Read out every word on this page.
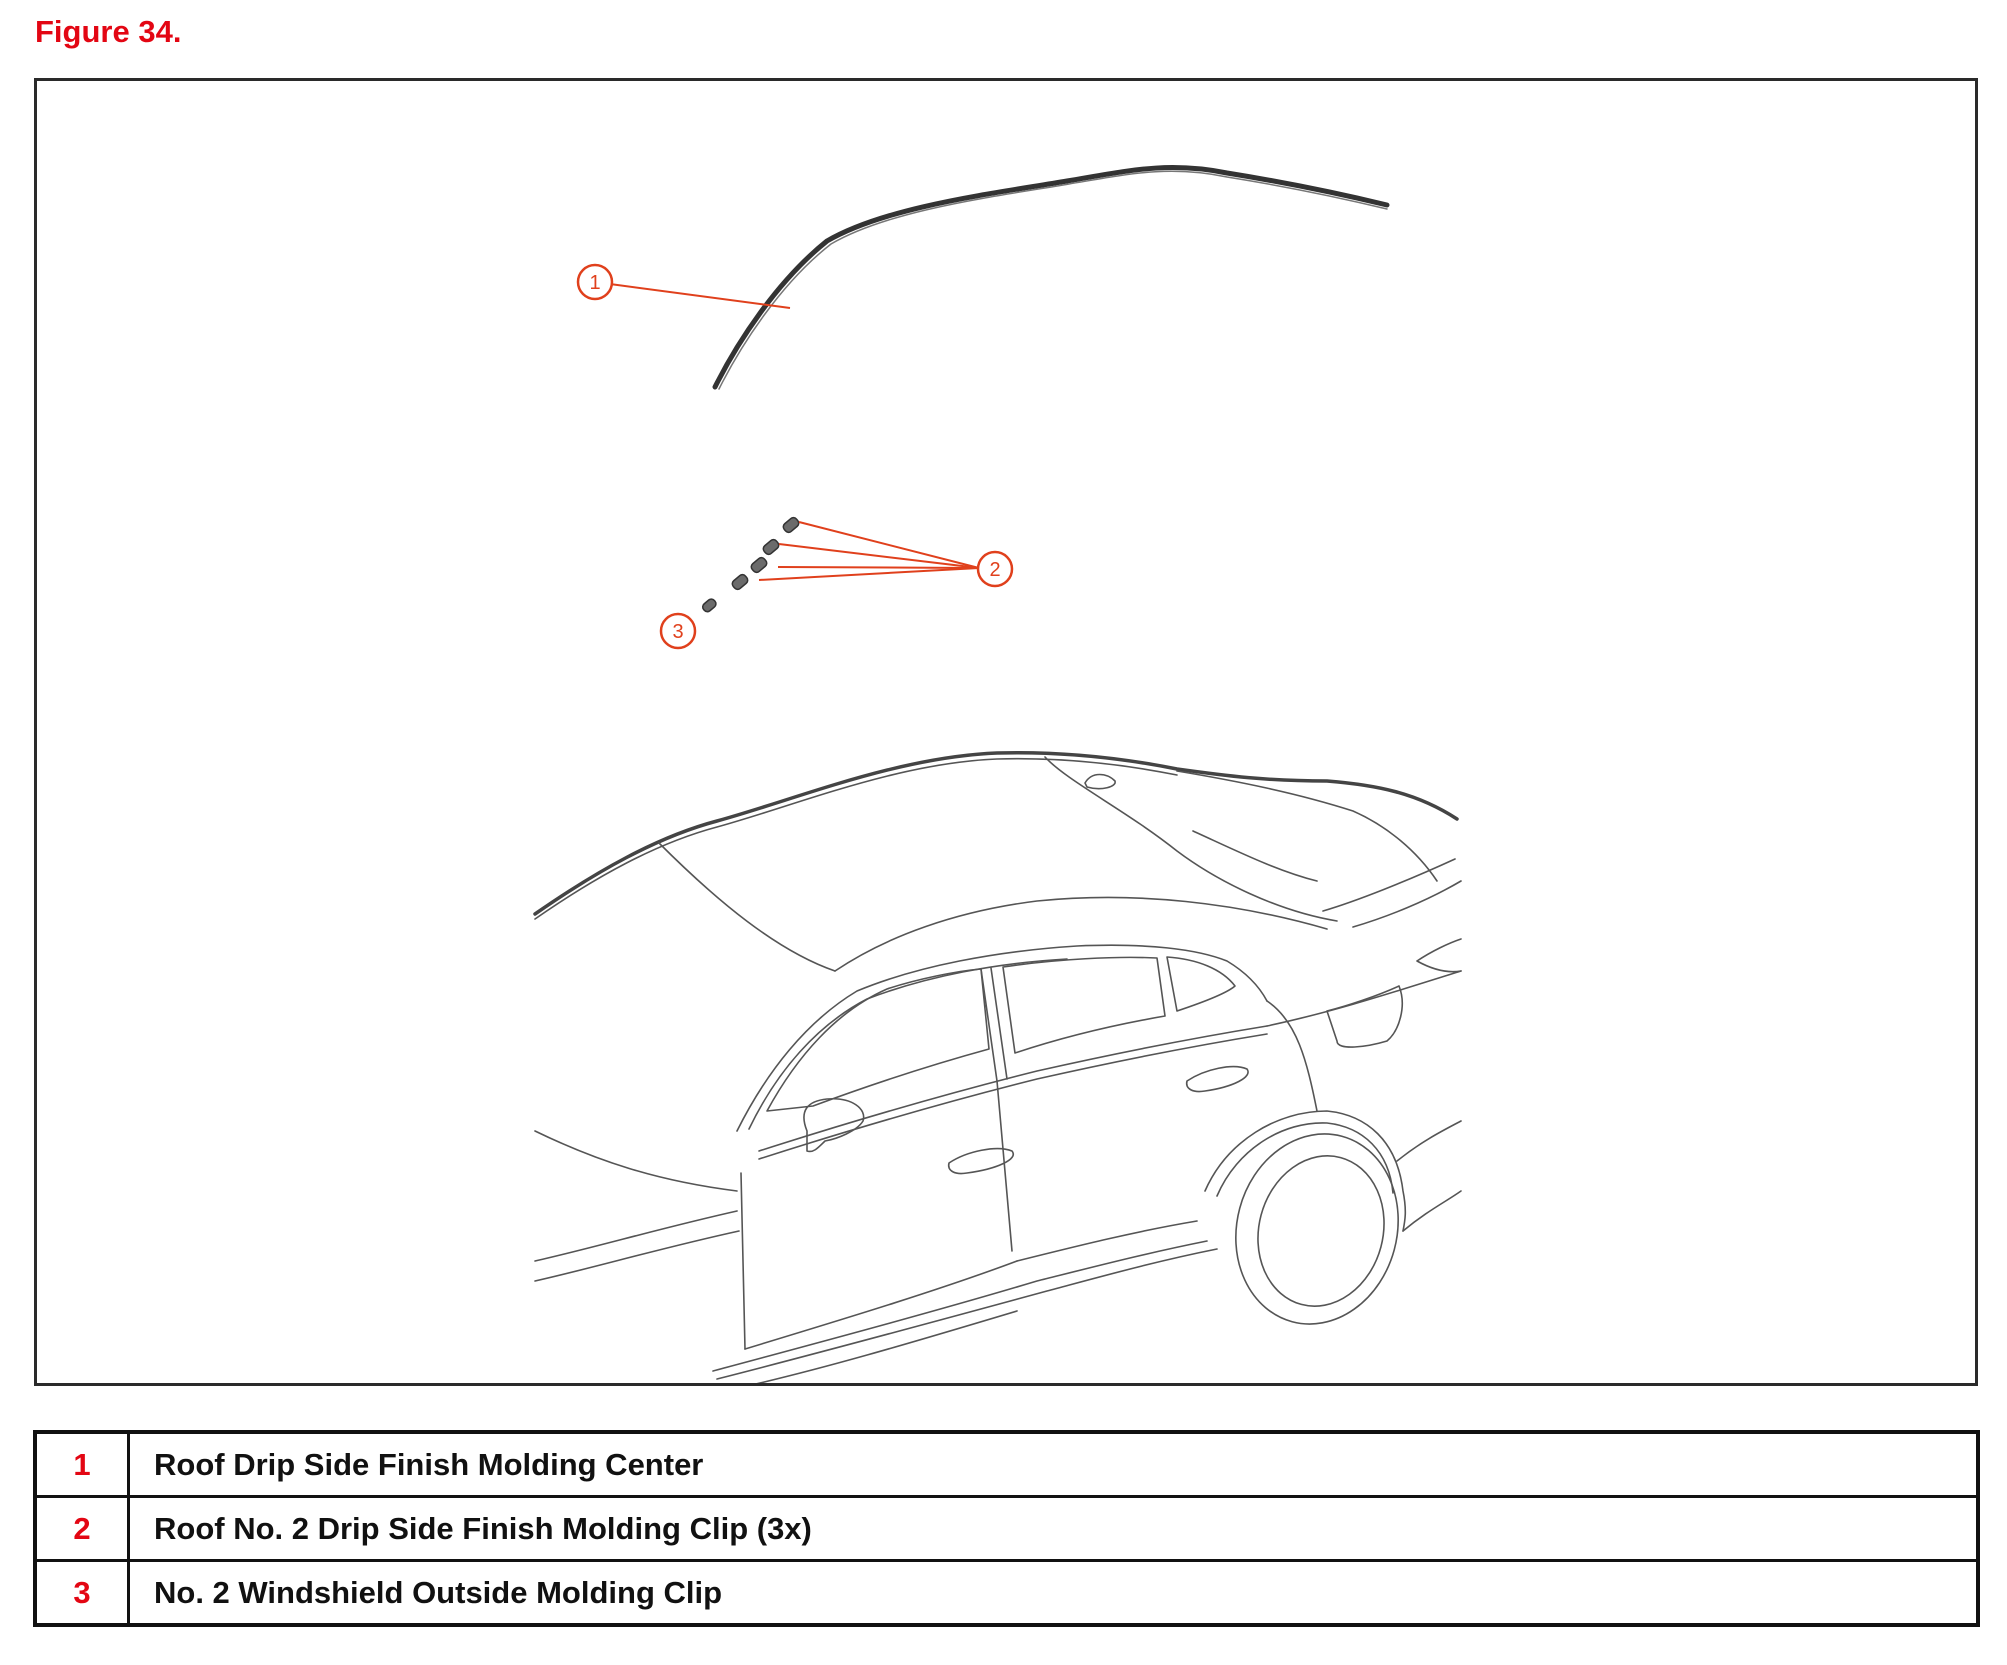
Figure 34.
1
2
3
1	Roof Drip Side Finish Molding Center
2	Roof No. 2 Drip Side Finish Molding Clip (3x)
3	No. 2 Windshield Outside Molding Clip
